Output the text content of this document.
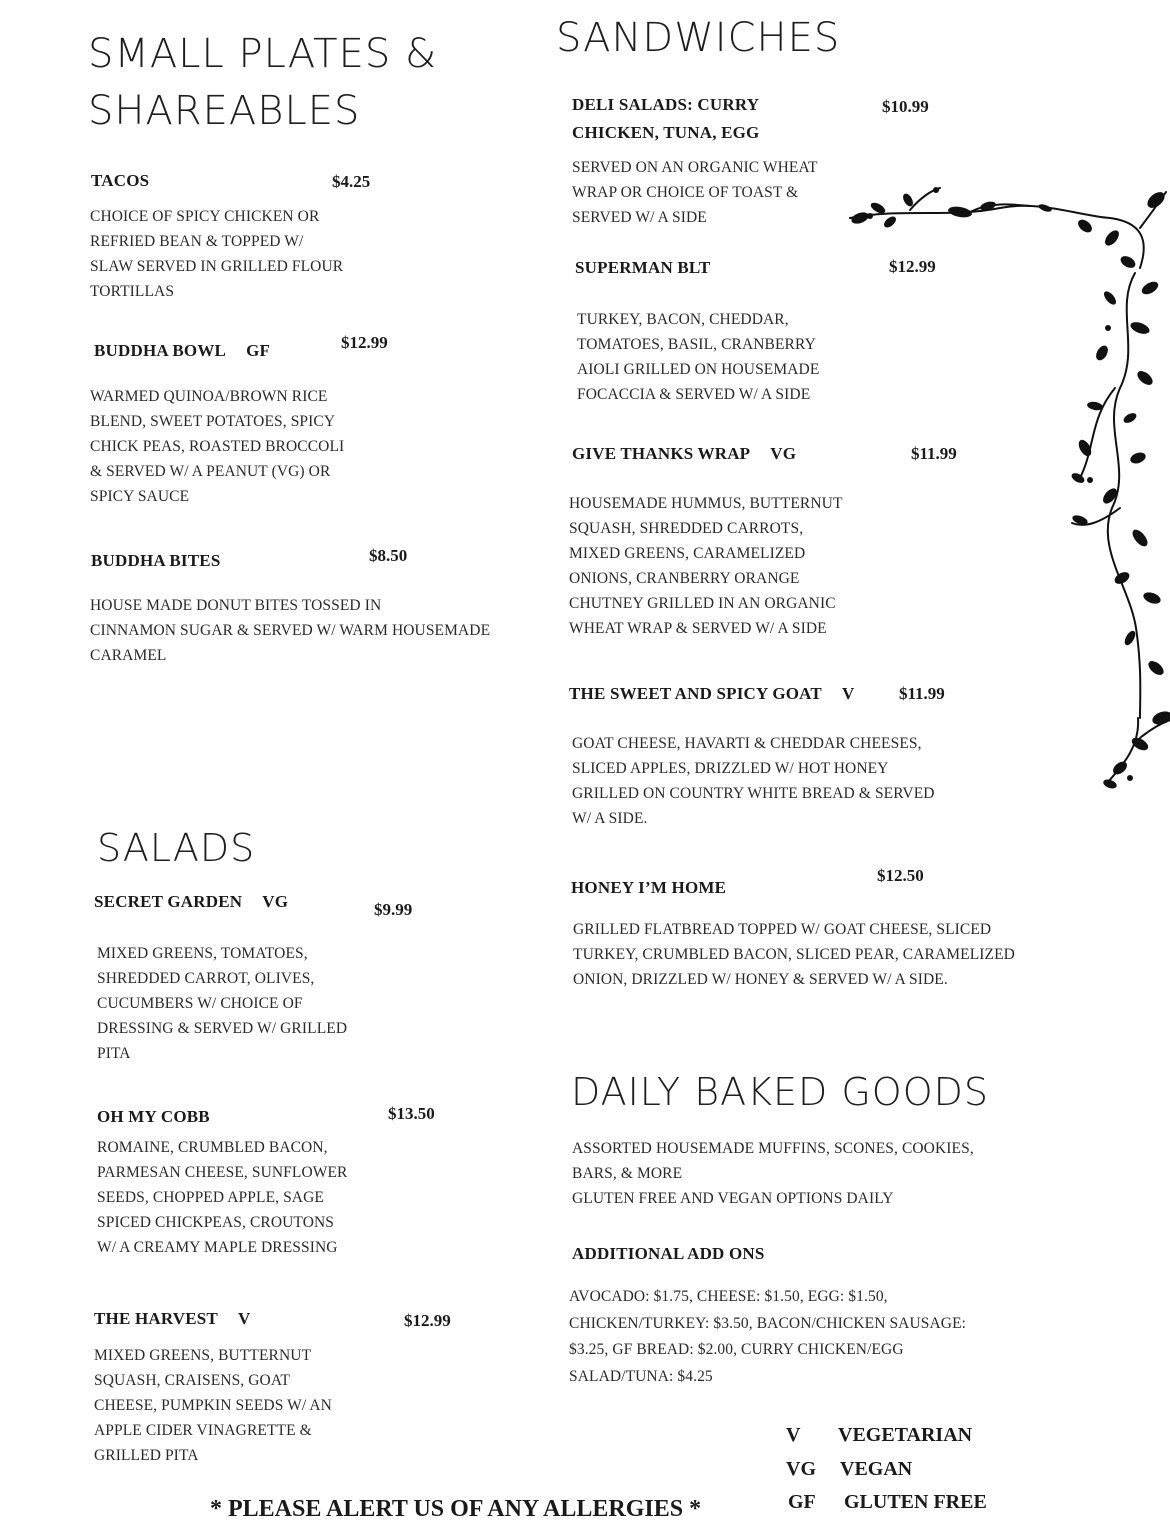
SMALL PLATES &
SHAREABLES
TACOS	$4.25
CHOICE OF SPICY CHICKEN OR
REFRIED BEAN & TOPPED W/
SLAW SERVED IN GRILLED FLOUR
TORTILLAS
BUDDHA BOWL GF	$12.99
WARMED QUINOA/BROWN RICE
BLEND, SWEET POTATOES, SPICY
CHICK PEAS, ROASTED BROCCOLI
& SERVED W/ A PEANUT (VG) OR
SPICY SAUCE
BUDDHA BITES	$8.50
HOUSE MADE DONUT BITES TOSSED IN
CINNAMON SUGAR & SERVED W/ WARM HOUSEMADE
CARAMEL
SALADS
SECRET GARDEN VG	$9.99
MIXED GREENS, TOMATOES,
SHREDDED CARROT, OLIVES,
CUCUMBERS W/ CHOICE OF
DRESSING & SERVED W/ GRILLED
PITA
OH MY COBB	$13.50
ROMAINE, CRUMBLED BACON,
PARMESAN CHEESE, SUNFLOWER
SEEDS, CHOPPED APPLE, SAGE
SPICED CHICKPEAS, CROUTONS
W/ A CREAMY MAPLE DRESSING
THE HARVEST V	$12.99
MIXED GREENS, BUTTERNUT
SQUASH, CRAISENS, GOAT
CHEESE, PUMPKIN SEEDS W/ AN
APPLE CIDER VINAGRETTE &
GRILLED PITA
SANDWICHES
DELI SALADS: CURRY
CHICKEN, TUNA, EGG
$10.99
SERVED ON AN ORGANIC WHEAT
WRAP OR CHOICE OF TOAST &
SERVED W/ A SIDE
SUPERMAN BLT	$12.99
TURKEY, BACON, CHEDDAR,
TOMATOES, BASIL, CRANBERRY
AIOLI GRILLED ON HOUSEMADE
FOCACCIA & SERVED W/ A SIDE
GIVE THANKS WRAP VG	$11.99
HOUSEMADE HUMMUS, BUTTERNUT
SQUASH, SHREDDED CARROTS,
MIXED GREENS, CARAMELIZED
ONIONS, CRANBERRY ORANGE
CHUTNEY GRILLED IN AN ORGANIC
WHEAT WRAP & SERVED W/ A SIDE
THE SWEET AND SPICY GOAT V	$11.99
GOAT CHEESE, HAVARTI & CHEDDAR CHEESES,
SLICED APPLES, DRIZZLED W/ HOT HONEY
GRILLED ON COUNTRY WHITE BREAD & SERVED
W/ A SIDE.
HONEY I’M HOME
$12.50
GRILLED FLATBREAD TOPPED W/ GOAT CHEESE, SLICED
TURKEY, CRUMBLED BACON, SLICED PEAR, CARAMELIZED
ONION, DRIZZLED W/ HONEY & SERVED W/ A SIDE.
DAILY BAKED GOODS
ASSORTED HOUSEMADE MUFFINS, SCONES, COOKIES,
BARS, & MORE
GLUTEN FREE AND VEGAN OPTIONS DAILY
ADDITIONAL ADD ONS
AVOCADO: $1.75, CHEESE: $1.50, EGG: $1.50,
CHICKEN/TURKEY: $3.50, BACON/CHICKEN SAUSAGE:
$3.25, GF BREAD: $2.00, CURRY CHICKEN/EGG
SALAD/TUNA: $4.25
V VEGETARIAN
VG VEGAN
GF GLUTEN FREE
* PLEASE ALERT US OF ANY ALLERGIES *
